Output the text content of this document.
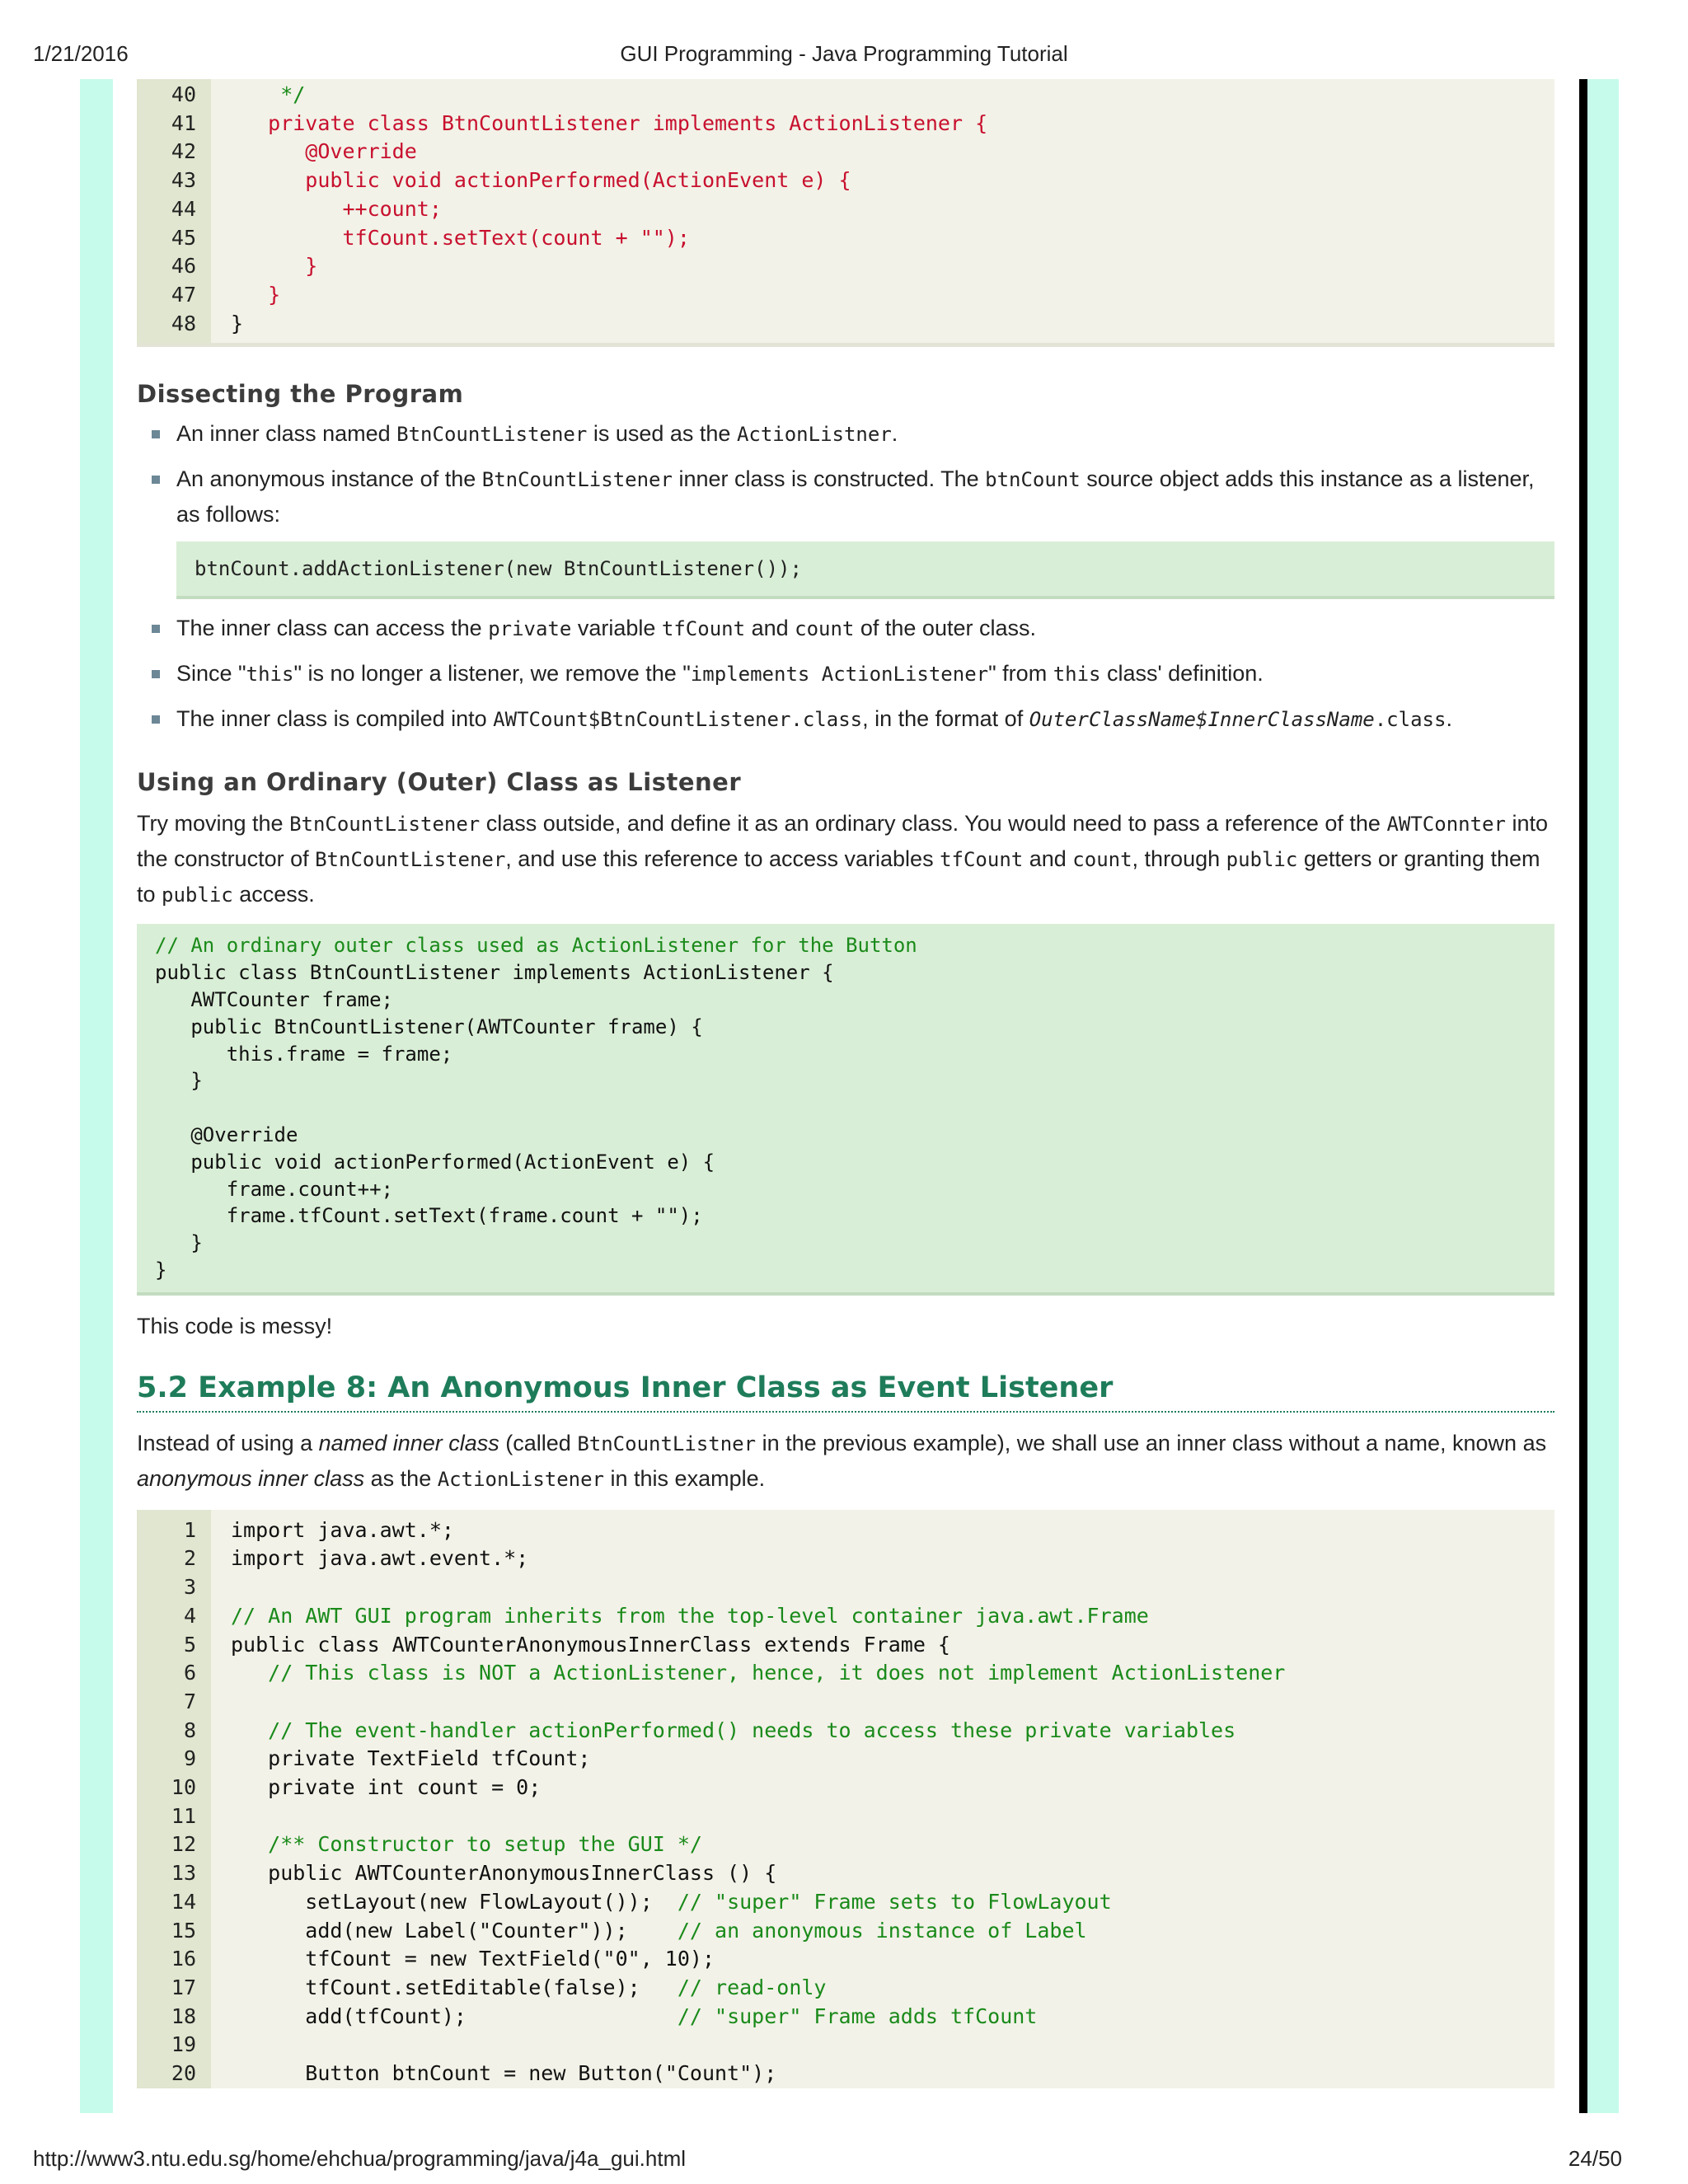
1/21/2016	GUI Programming - Java Programming Tutorial
40
41
42
43
44
45
46
47
48
*/
private class BtnCountListener implements ActionListener {
@Override
public void actionPerformed(ActionEvent e) {
++count;
tfCount.setText(count + "");
}
}
}
Dissecting the Program
An inner class named BtnCountListener is used as the ActionListner.
An anonymous instance of the BtnCountListener inner class is constructed. The btnCount source object adds this instance as a listener, as follows:
btnCount.addActionListener(new BtnCountListener());
The inner class can access the private variable tfCount and count of the outer class.
Since "this" is no longer a listener, we remove the "implements ActionListener" from this class' definition.
The inner class is compiled into AWTCount$BtnCountListener.class, in the format of OuterClassName$InnerClassName.class.
Using an Ordinary (Outer) Class as Listener

Try moving the BtnCountListener class outside, and define it as an ordinary class. You would need to pass a reference of the AWTConnter into the constructor of BtnCountListener, and use this reference to access variables tfCount and count, through public getters or granting them to public access.

// An ordinary outer class used as ActionListener for the Button
public class BtnCountListener implements ActionListener {
AWTCounter frame;
public BtnCountListener(AWTCounter frame) {
this.frame = frame;
}

@Override
public void actionPerformed(ActionEvent e) {
frame.count++;
frame.tfCount.setText(frame.count + "");
}
}

This code is messy!

5.2 Example 8: An Anonymous Inner Class as Event Listener

Instead of using a named inner class (called BtnCountListner in the previous example), we shall use an inner class without a name, known as anonymous inner class as the ActionListener in this example.

1
2
3
4
5
6
7
8
9
10
11
12
13
14
15
16
17
18
19
20
import java.awt.*;
import java.awt.event.*;

// An AWT GUI program inherits from the top-level container java.awt.Frame
public class AWTCounterAnonymousInnerClass extends Frame {
// This class is NOT a ActionListener, hence, it does not implement ActionListener

// The event-handler actionPerformed() needs to access these private variables
private TextField tfCount;
private int count = 0;

/** Constructor to setup the GUI */
public AWTCounterAnonymousInnerClass () {
setLayout(new FlowLayout());  // "super" Frame sets to FlowLayout
add(new Label("Counter"));    // an anonymous instance of Label
tfCount = new TextField("0", 10);
tfCount.setEditable(false);   // read-only
add(tfCount);                 // "super" Frame adds tfCount

Button btnCount = new Button("Count");
http://www3.ntu.edu.sg/home/ehchua/programming/java/j4a_gui.html	24/50
